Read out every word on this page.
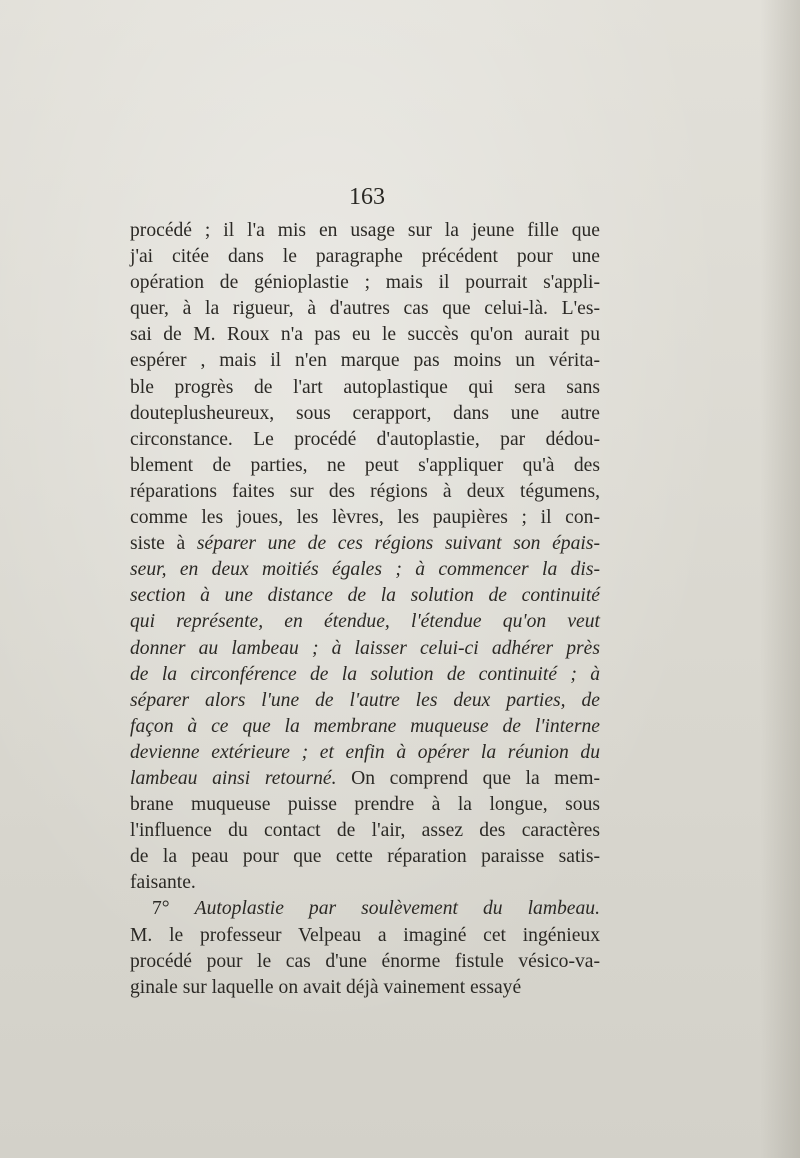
163
procédé ; il l'a mis en usage sur la jeune fille que
j'ai citée dans le paragraphe précédent pour une
opération de génioplastie ; mais il pourrait s'appli-
quer, à la rigueur, à d'autres cas que celui-là. L'es-
sai de M. Roux n'a pas eu le succès qu'on aurait pu
espérer , mais il n'en marque pas moins un vérita-
ble progrès de l'art autoplastique qui sera sans
douteplusheureux, sous cerapport, dans une autre
circonstance. Le procédé d'autoplastie, par dédou-
blement de parties, ne peut s'appliquer qu'à des
réparations faites sur des régions à deux tégumens,
comme les joues, les lèvres, les paupières ; il con-
siste à séparer une de ces régions suivant son épais-
seur, en deux moitiés égales ; à commencer la dis-
section à une distance de la solution de continuité
qui représente, en étendue, l'étendue qu'on veut
donner au lambeau ; à laisser celui-ci adhérer près
de la circonférence de la solution de continuité ; à
séparer alors l'une de l'autre les deux parties, de
façon à ce que la membrane muqueuse de l'interne
devienne extérieure ; et enfin à opérer la réunion du
lambeau ainsi retourné. On comprend que la mem-
brane muqueuse puisse prendre à la longue, sous
l'influence du contact de l'air, assez des caractères
de la peau pour que cette réparation paraisse satis-
faisante.
7° Autoplastie par soulèvement du lambeau.
M. le professeur Velpeau a imaginé cet ingénieux
procédé pour le cas d'une énorme fistule vésico-va-
ginale sur laquelle on avait déjà vainement essayé
